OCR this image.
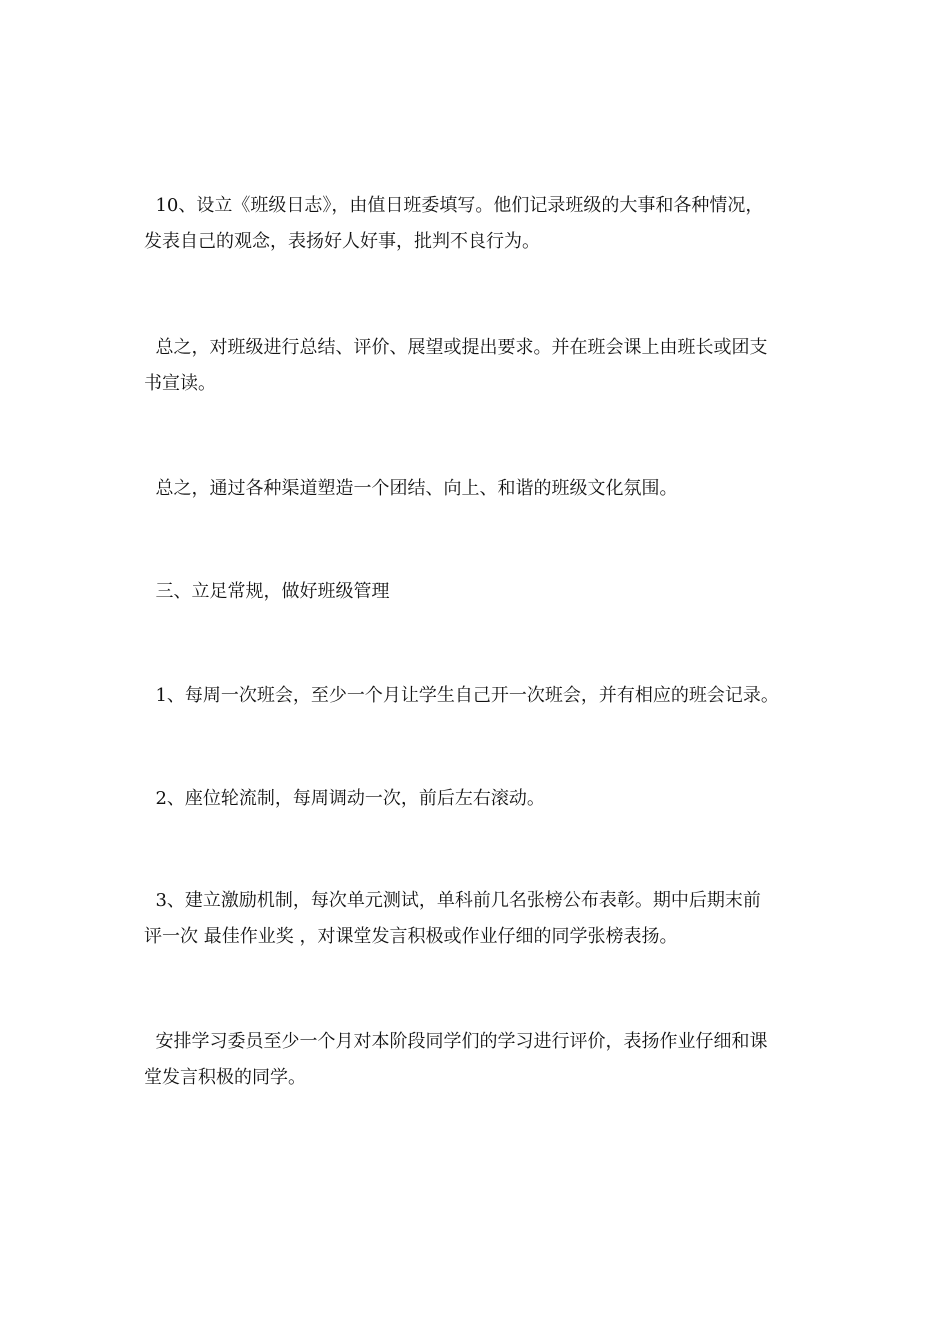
10、设立《班级日志》，由值日班委填写。他们记录班级的大事和各种情况，
发表自己的观念，表扬好人好事，批判不良行为。

总之，对班级进行总结、评价、展望或提出要求。并在班会课上由班长或团支
书宣读。

总之，通过各种渠道塑造一个团结、向上、和谐的班级文化氛围。

三、立足常规，做好班级管理

1、每周一次班会，至少一个月让学生自己开一次班会，并有相应的班会记录。

2、座位轮流制，每周调动一次，前后左右滚动。

3、建立激励机制，每次单元测试，单科前几名张榜公布表彰。期中后期末前
评一次 最佳作业奖 ，对课堂发言积极或作业仔细的同学张榜表扬。

安排学习委员至少一个月对本阶段同学们的学习进行评价，表扬作业仔细和课
堂发言积极的同学。
